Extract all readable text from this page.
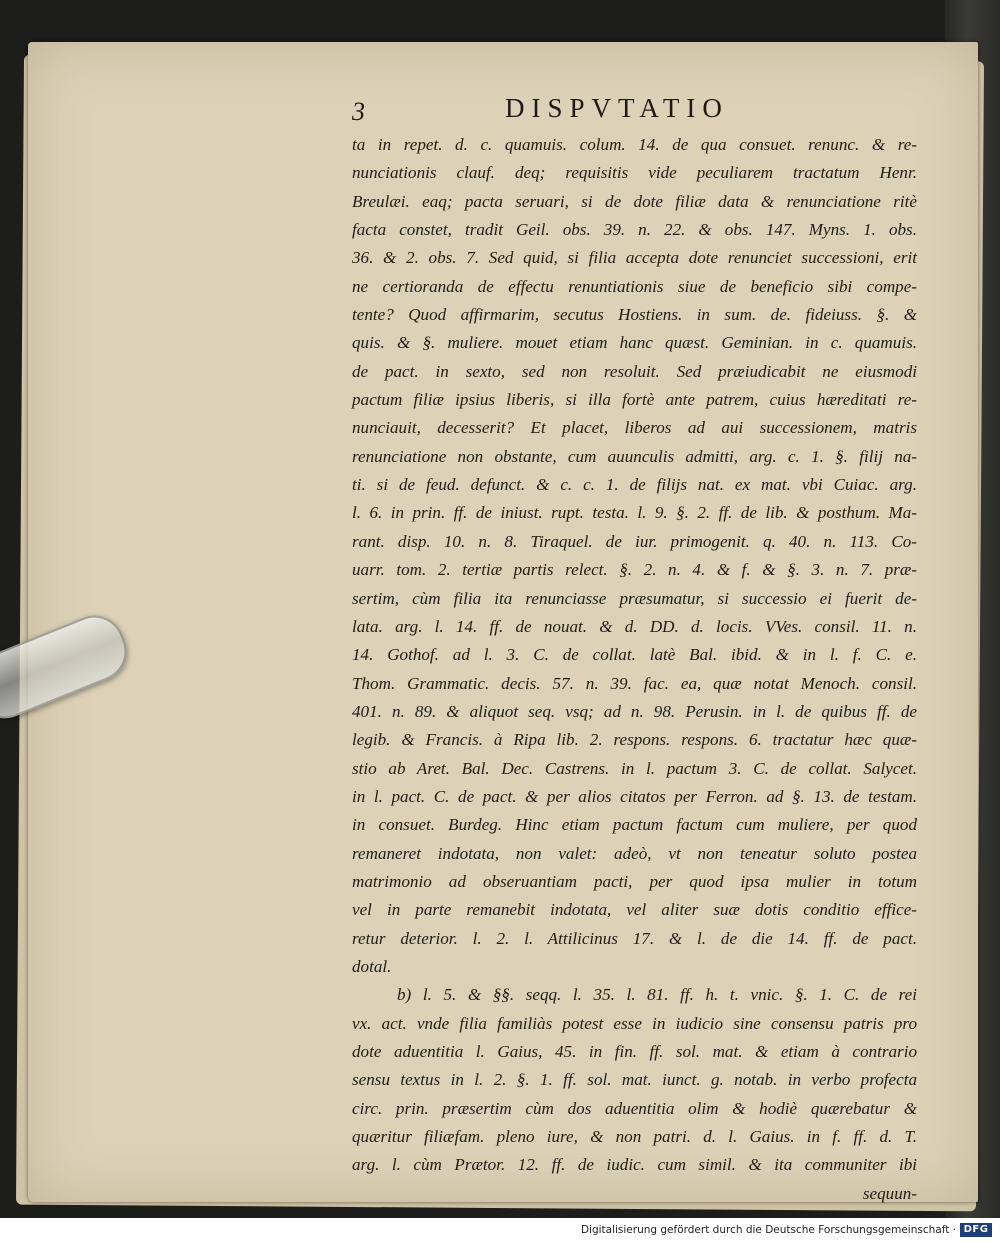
3	DISPVTATIO
ta in repet. d. c. quamuis. colum. 14. de qua consuet. renunc. & re-
nunciationis clauf. deq; requisitis vide peculiarem tractatum Henr.
Breulæi. eaq; pacta seruari, si de dote filiæ data & renunciatione ritè
facta constet, tradit Geil. obs. 39. n. 22. & obs. 147. Myns. 1. obs.
36. & 2. obs. 7. Sed quid, si filia accepta dote renunciet successioni, erit
ne certioranda de effectu renuntiationis siue de beneficio sibi compe-
tente? Quod affirmarim, secutus Hostiens. in sum. de. fideiuss. §. &
quis. & §. muliere. mouet etiam hanc quæst. Geminian. in c. quamuis.
de pact. in sexto, sed non resoluit. Sed præiudicabit ne eiusmodi
pactum filiæ ipsius liberis, si illa fortè ante patrem, cuius hæreditati re-
nunciauit, decesserit? Et placet, liberos ad aui successionem, matris
renunciatione non obstante, cum auunculis admitti, arg. c. 1. §. filij na-
ti. si de feud. defunct. & c. c. 1. de filijs nat. ex mat. vbi Cuiac. arg.
l. 6. in prin. ff. de iniust. rupt. testa. l. 9. §. 2. ff. de lib. & posthum. Ma-
rant. disp. 10. n. 8. Tiraquel. de iur. primogenit. q. 40. n. 113. Co-
uarr. tom. 2. tertiæ partis relect. §. 2. n. 4. & f. & §. 3. n. 7. præ-
sertim, cùm filia ita renunciasse præsumatur, si successio ei fuerit de-
lata. arg. l. 14. ff. de nouat. & d. DD. d. locis. VVes. consil. 11. n.
14. Gothof. ad l. 3. C. de collat. latè Bal. ibid. & in l. f. C. e.
Thom. Grammatic. decis. 57. n. 39. fac. ea, quæ notat Menoch. consil.
401. n. 89. & aliquot seq. vsq; ad n. 98. Perusin. in l. de quibus ff. de
legib. & Francis. à Ripa lib. 2. respons. respons. 6. tractatur hæc quæ-
stio ab Aret. Bal. Dec. Castrens. in l. pactum 3. C. de collat. Salycet.
in l. pact. C. de pact. & per alios citatos per Ferron. ad §. 13. de testam.
in consuet. Burdeg. Hinc etiam pactum factum cum muliere, per quod
remaneret indotata, non valet: adeò, vt non teneatur soluto postea
matrimonio ad obseruantiam pacti, per quod ipsa mulier in totum
vel in parte remanebit indotata, vel aliter suæ dotis conditio effice-
retur deterior. l. 2. l. Attilicinus 17. & l. de die 14. ff. de pact.
dotal.
b) l. 5. & §§. seqq. l. 35. l. 81. ff. h. t. vnic. §. 1. C. de rei
vx. act. vnde filia familiàs potest esse in iudicio sine consensu patris pro
dote aduentitia l. Gaius, 45. in fin. ff. sol. mat. & etiam à contrario
sensu textus in l. 2. §. 1. ff. sol. mat. iunct. g. notab. in verbo profecta
circ. prin. præsertim cùm dos aduentitia olim & hodiè quærebatur &
quæritur filiæfam. pleno iure, & non patri. d. l. Gaius. in f. ff. d. T.
arg. l. cùm Prætor. 12. ff. de iudic. cum simil. & ita communiter ibi
sequun-
Digitalisierung gefördert durch die Deutsche Forschungsgemeinschaft · DFG
